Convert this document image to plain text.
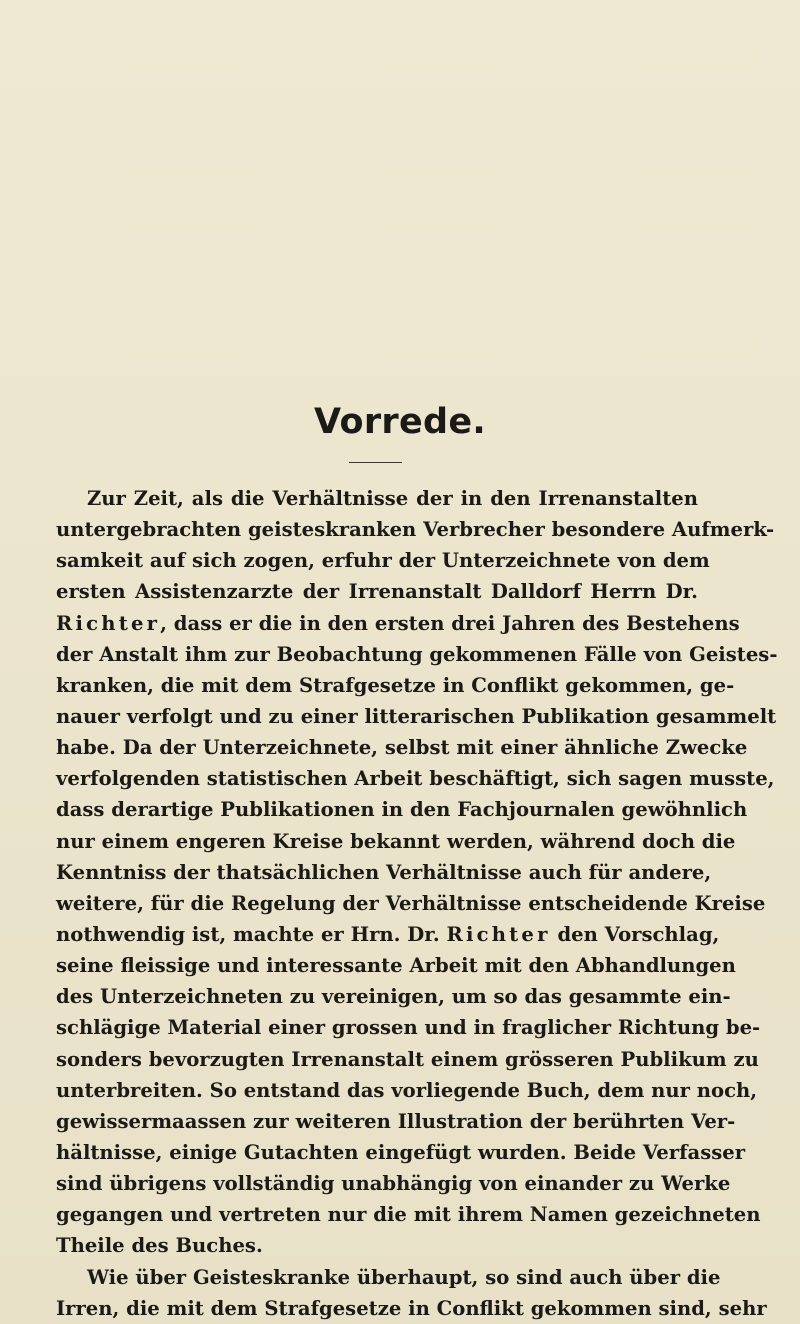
Vorrede.
Zur Zeit, als die Verhältnisse der in den Irrenanstalten
untergebrachten geisteskranken Verbrecher besondere Aufmerk-
samkeit auf sich zogen, erfuhr der Unterzeichnete von dem
ersten Assistenzarzte der Irrenanstalt Dalldorf Herrn Dr.
Richter, dass er die in den ersten drei Jahren des Bestehens
der Anstalt ihm zur Beobachtung gekommenen Fälle von Geistes-
kranken, die mit dem Strafgesetze in Conflikt gekommen, ge-
nauer verfolgt und zu einer litterarischen Publikation gesammelt
habe. Da der Unterzeichnete, selbst mit einer ähnliche Zwecke
verfolgenden statistischen Arbeit beschäftigt, sich sagen musste,
dass derartige Publikationen in den Fachjournalen gewöhnlich
nur einem engeren Kreise bekannt werden, während doch die
Kenntniss der thatsächlichen Verhältnisse auch für andere,
weitere, für die Regelung der Verhältnisse entscheidende Kreise
nothwendig ist, machte er Hrn. Dr. Richter den Vorschlag,
seine fleissige und interessante Arbeit mit den Abhandlungen
des Unterzeichneten zu vereinigen, um so das gesammte ein-
schlägige Material einer grossen und in fraglicher Richtung be-
sonders bevorzugten Irrenanstalt einem grösseren Publikum zu
unterbreiten. So entstand das vorliegende Buch, dem nur noch,
gewissermaassen zur weiteren Illustration der berührten Ver-
hältnisse, einige Gutachten eingefügt wurden. Beide Verfasser
sind übrigens vollständig unabhängig von einander zu Werke
gegangen und vertreten nur die mit ihrem Namen gezeichneten
Theile des Buches.
Wie über Geisteskranke überhaupt, so sind auch über die
Irren, die mit dem Strafgesetze in Conflikt gekommen sind, sehr
